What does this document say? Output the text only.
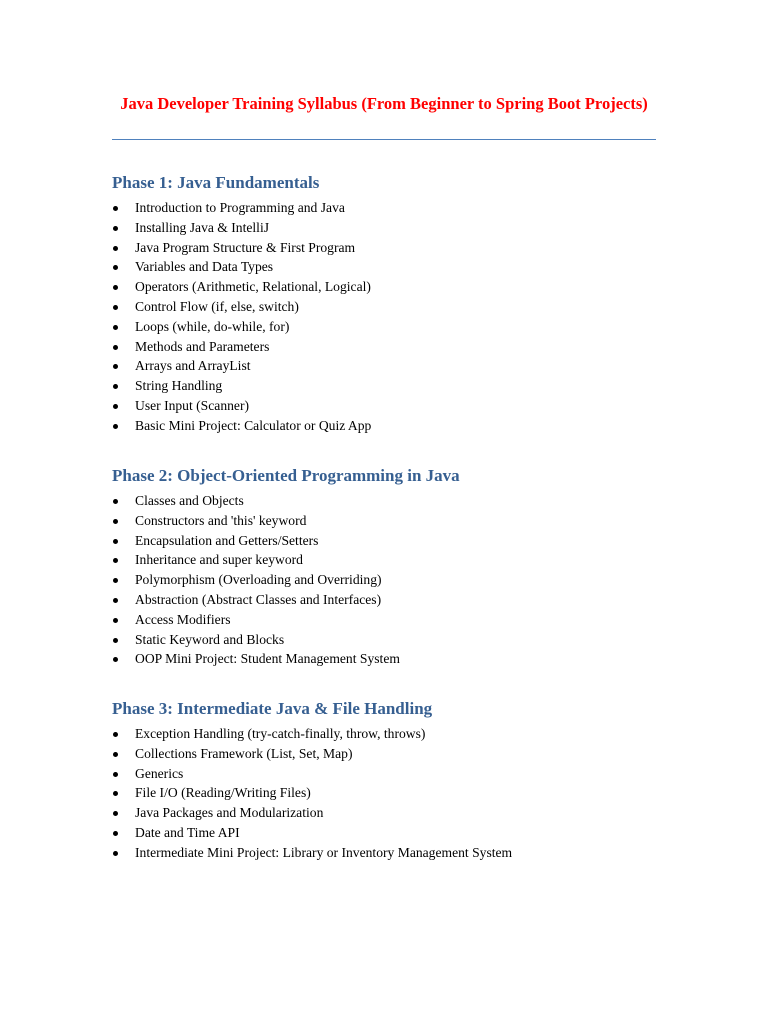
Java Developer Training Syllabus (From Beginner to Spring Boot Projects)
Phase 1: Java Fundamentals
Introduction to Programming and Java
Installing Java & IntelliJ
Java Program Structure & First Program
Variables and Data Types
Operators (Arithmetic, Relational, Logical)
Control Flow (if, else, switch)
Loops (while, do-while, for)
Methods and Parameters
Arrays and ArrayList
String Handling
User Input (Scanner)
Basic Mini Project: Calculator or Quiz App
Phase 2: Object-Oriented Programming in Java
Classes and Objects
Constructors and 'this' keyword
Encapsulation and Getters/Setters
Inheritance and super keyword
Polymorphism (Overloading and Overriding)
Abstraction (Abstract Classes and Interfaces)
Access Modifiers
Static Keyword and Blocks
OOP Mini Project: Student Management System
Phase 3: Intermediate Java & File Handling
Exception Handling (try-catch-finally, throw, throws)
Collections Framework (List, Set, Map)
Generics
File I/O (Reading/Writing Files)
Java Packages and Modularization
Date and Time API
Intermediate Mini Project: Library or Inventory Management System
